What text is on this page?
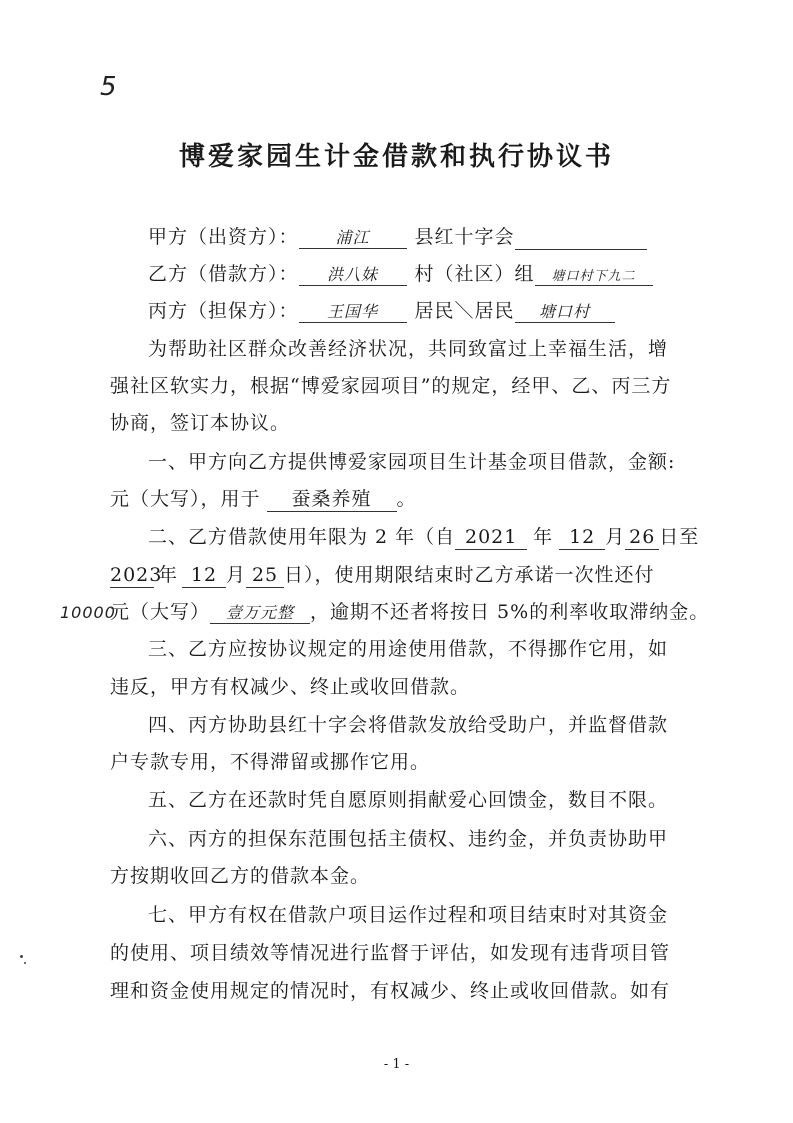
5
博爱家园生计金借款和执行协议书
甲方（出资方）： 浦江 县红十字会
乙方（借款方）： 洪八妹 村（社区）组 塘口村下九二
丙方（担保方）： 王国华 居民＼居民 塘口村
为帮助社区群众改善经济状况，共同致富过上幸福生活，增
强社区软实力，根据“博爱家园项目”的规定，经甲、乙、丙三方
协商，签订本协议。
一、甲方向乙方提供博爱家园项目生计基金项目借款，金额:
元（大写），用于 蚕桑养殖 。
二、乙方借款使用年限为 2 年（自 2021 年 12 月 26 日至
2023年 12 月 25 日），使用期限结束时乙方承诺一次性还付
10000元（大写） 壹万元整 ，逾期不还者将按日 5%的利率收取滞纳金。
三、乙方应按协议规定的用途使用借款，不得挪作它用，如
违反，甲方有权减少、终止或收回借款。
四、丙方协助县红十字会将借款发放给受助户，并监督借款
户专款专用，不得滞留或挪作它用。
五、乙方在还款时凭自愿原则捐献爱心回馈金，数目不限。
六、丙方的担保东范围包括主债权、违约金，并负责协助甲
方按期收回乙方的借款本金。
七、甲方有权在借款户项目运作过程和项目结束时对其资金
的使用、项目绩效等情况进行监督于评估，如发现有违背项目管
理和资金使用规定的情况时，有权减少、终止或收回借款。如有
- 1 -
